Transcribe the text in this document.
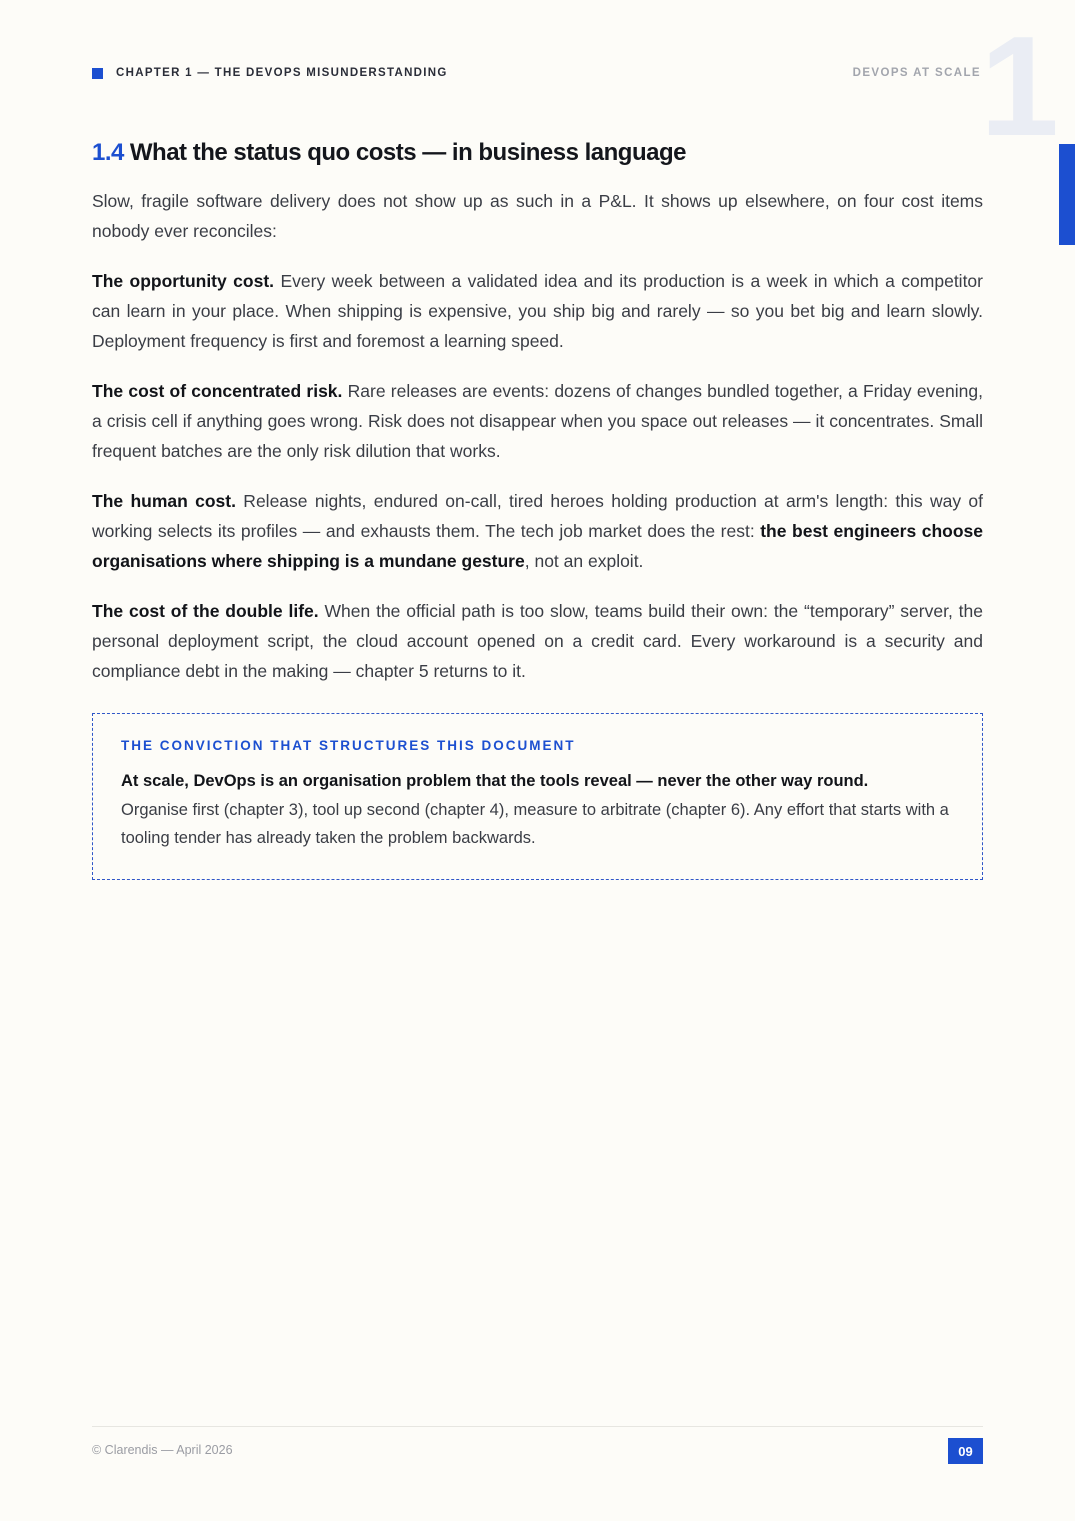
1
CHAPTER 1 — THE DEVOPS MISUNDERSTANDING	DEVOPS AT SCALE
1.4 What the status quo costs — in business language

Slow, fragile software delivery does not show up as such in a P&L. It shows up elsewhere, on four cost items nobody ever reconciles:

The opportunity cost. Every week between a validated idea and its production is a week in which a competitor can learn in your place. When shipping is expensive, you ship big and rarely — so you bet big and learn slowly. Deployment frequency is first and foremost a learning speed.

The cost of concentrated risk. Rare releases are events: dozens of changes bundled together, a Friday evening, a crisis cell if anything goes wrong. Risk does not disappear when you space out releases — it concentrates. Small frequent batches are the only risk dilution that works.

The human cost. Release nights, endured on-call, tired heroes holding production at arm's length: this way of working selects its profiles — and exhausts them. The tech job market does the rest: the best engineers choose organisations where shipping is a mundane gesture, not an exploit.

The cost of the double life. When the official path is too slow, teams build their own: the “temporary” server, the personal deployment script, the cloud account opened on a credit card. Every workaround is a security and compliance debt in the making — chapter 5 returns to it.

THE CONVICTION THAT STRUCTURES THIS DOCUMENT

At scale, DevOps is an organisation problem that the tools reveal — never the other way round.
Organise first (chapter 3), tool up second (chapter 4), measure to arbitrate (chapter 6). Any effort that starts with a tooling tender has already taken the problem backwards.

© Clarendis — April 2026	09
